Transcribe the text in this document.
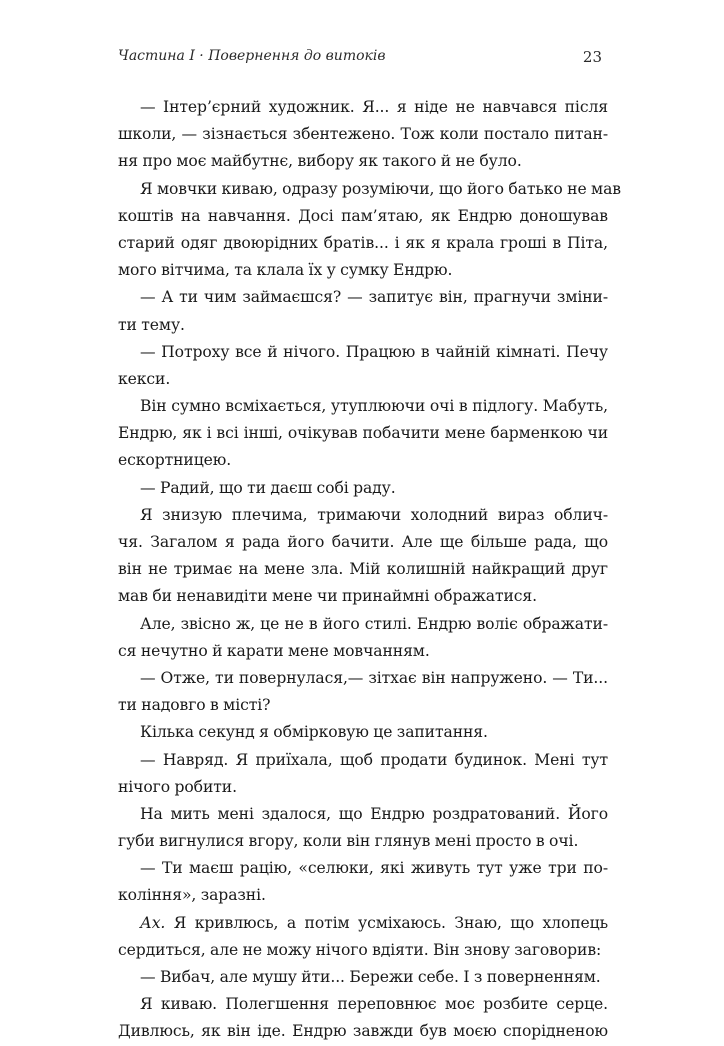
Частина I · Повернення до витоків	23
— Інтер’єрний художник. Я... я ніде не навчався після
школи, — зізнається збентежено. Тож коли постало питан-
ня про моє майбутнє, вибору як такого й не було.
Я мовчки киваю, одразу розуміючи, що його батько не мав
коштів на навчання. Досі пам’ятаю, як Ендрю доношував
старий одяг двоюрідних братів... і як я крала гроші в Піта,
мого вітчима, та клала їх у сумку Ендрю.
— А ти чим займаєшся? — запитує він, прагнучи зміни-
ти тему.
— Потроху все й нічого. Працюю в чайній кімнаті. Печу
кекси.
Він сумно всміхається, утуплюючи очі в підлогу. Мабуть,
Ендрю, як і всі інші, очікував побачити мене барменкою чи
ескортницею.
— Радий, що ти даєш собі раду.
Я знизую плечима, тримаючи холодний вираз облич-
чя. Загалом я рада його бачити. Але ще більше рада, що
він не тримає на мене зла. Мій колишній найкращий друг
мав би ненавидіти мене чи принаймні ображатися.
Але, звісно ж, це не в його стилі. Ендрю воліє ображати-
ся нечутно й карати мене мовчанням.
— Отже, ти повернулася,— зітхає він напружено. — Ти...
ти надовго в місті?
Кілька секунд я обмірковую це запитання.
— Навряд. Я приїхала, щоб продати будинок. Мені тут
нічого робити.
На мить мені здалося, що Ендрю роздратований. Його
губи вигнулися вгору, коли він глянув мені просто в очі.
— Ти маєш рацію, «селюки, які живуть тут уже три по-
коління», заразні.
Ах. Я кривлюсь, а потім усміхаюсь. Знаю, що хлопець
сердиться, але не можу нічого вдіяти. Він знову заговорив:
— Вибач, але мушу йти... Бережи себе. І з поверненням.
Я киваю. Полегшення переповнює моє розбите серце.
Дивлюсь, як він іде. Ендрю завжди був моєю спорідненою
